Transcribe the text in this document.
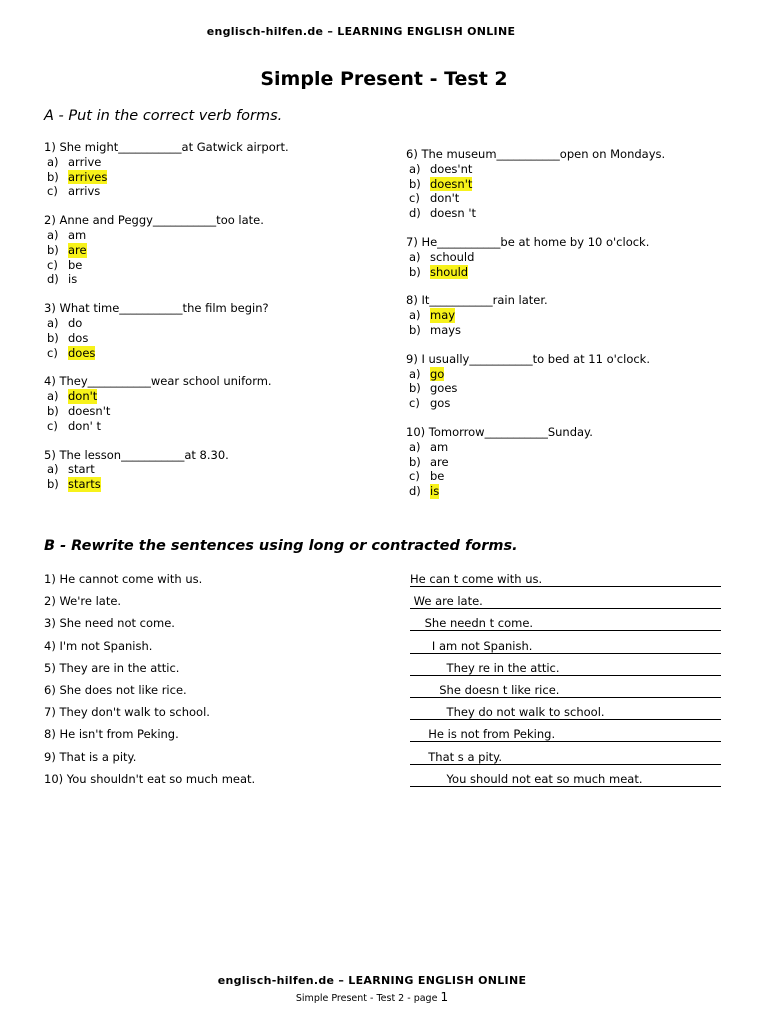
englisch-hilfen.de – LEARNING ENGLISH ONLINE
Simple Present - Test 2
A - Put in the correct verb forms.
1) She might___________at Gatwick airport.
a) arrive
b) arrives
c) arrivs
2) Anne and Peggy___________too late.
a) am
b) are
c) be
d) is
3) What time___________the film begin?
a) do
b) dos
c) does
4) They___________wear school uniform.
a) don't
b) doesn't
c) don' t
5) The lesson___________at 8.30.
a) start
b) starts
6) The museum___________open on Mondays.
a) does'nt
b) doesn't
c) don't
d) doesn 't
7) He___________be at home by 10 o'clock.
a) schould
b) should
8) It___________rain later.
a) may
b) mays
9) I usually___________to bed at 11 o'clock.
a) go
b) goes
c) gos
10) Tomorrow___________Sunday.
a) am
b) are
c) be
d) is
B - Rewrite the sentences using long or contracted forms.
1) He cannot come with us.	He can t come with us.
2) We're late.	We are late.
3) She need not come.	She needn t come.
4) I'm not Spanish.	I am not Spanish.
5) They are in the attic.	They re in the attic.
6) She does not like rice.	She doesn t like rice.
7) They don't walk to school.	They do not walk to school.
8) He isn't from Peking.	He is not from Peking.
9) That is a pity.	That s a pity.
10) You shouldn't eat so much meat.	You should not eat so much meat.
englisch-hilfen.de – LEARNING ENGLISH ONLINE
Simple Present - Test 2 - page 1
